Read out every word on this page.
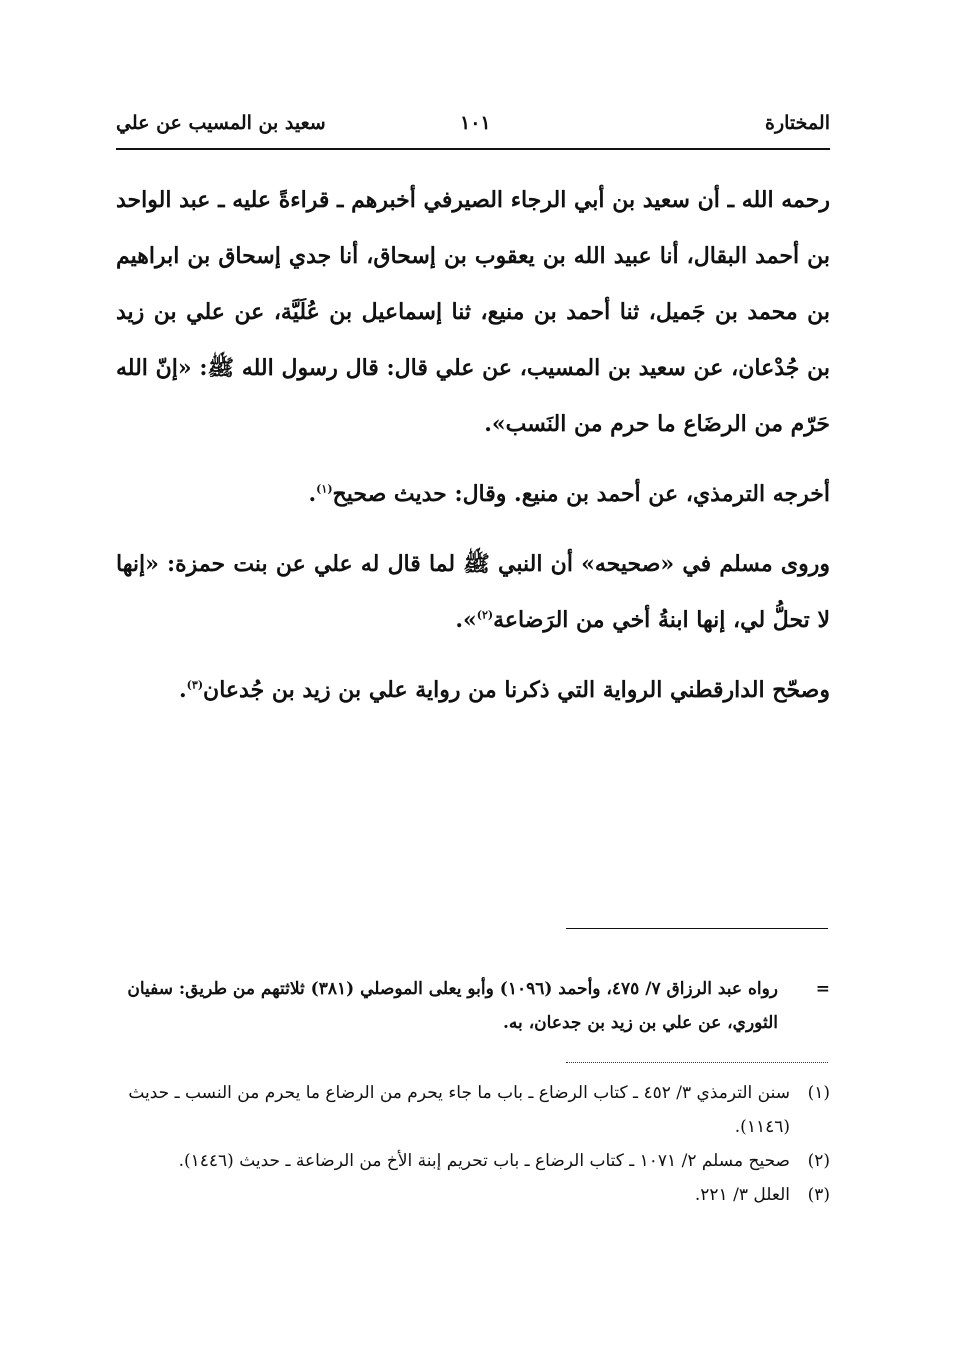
المختارة
١٠١
سعيد بن المسيب عن علي

رحمه الله ـ أن سعيد بن أبي الرجاء الصيرفي أخبرهم ـ قراءةً عليه ـ عبد الواحد بن أحمد البقال، أنا عبيد الله بن يعقوب بن إسحاق، أنا جدي إسحاق بن ابراهيم بن محمد بن جَميل، ثنا أحمد بن منيع، ثنا إسماعيل بن عُلَيَّة، عن علي بن زيد بن جُدْعان، عن سعيد بن المسيب، عن علي قال: قال رسول الله ﷺ: «إنّ الله حَرّم من الرضَاع ما حرم من النَسب».

أخرجه الترمذي، عن أحمد بن منيع. وقال: حديث صحيح$^{(١)}$.

وروى مسلم في «صحيحه» أن النبي ﷺ لما قال له علي عن بنت حمزة: «إنها لا تحلُّ لي، إنها ابنةُ أخي من الرَضاعة$^{(٢)}$».

وصحّح الدارقطني الرواية التي ذكرنا من رواية علي بن زيد بن جُدعان$^{(٣)}$.

=
رواه عبد الرزاق ٧/ ٤٧٥، وأحمد (١٠٩٦) وأبو يعلى الموصلي (٣٨١) ثلاثتهم من طريق: سفيان الثوري، عن علي بن زيد بن جدعان، به.
(١)
سنن الترمذي ٣/ ٤٥٢ ـ كتاب الرضاع ـ باب ما جاء يحرم من الرضاع ما يحرم من النسب ـ حديث (١١٤٦).
(٢)
صحيح مسلم ٢/ ١٠٧١ ـ كتاب الرضاع ـ باب تحريم إبنة الأخ من الرضاعة ـ حديث (١٤٤٦).
(٣)
العلل ٣/ ٢٢١.
